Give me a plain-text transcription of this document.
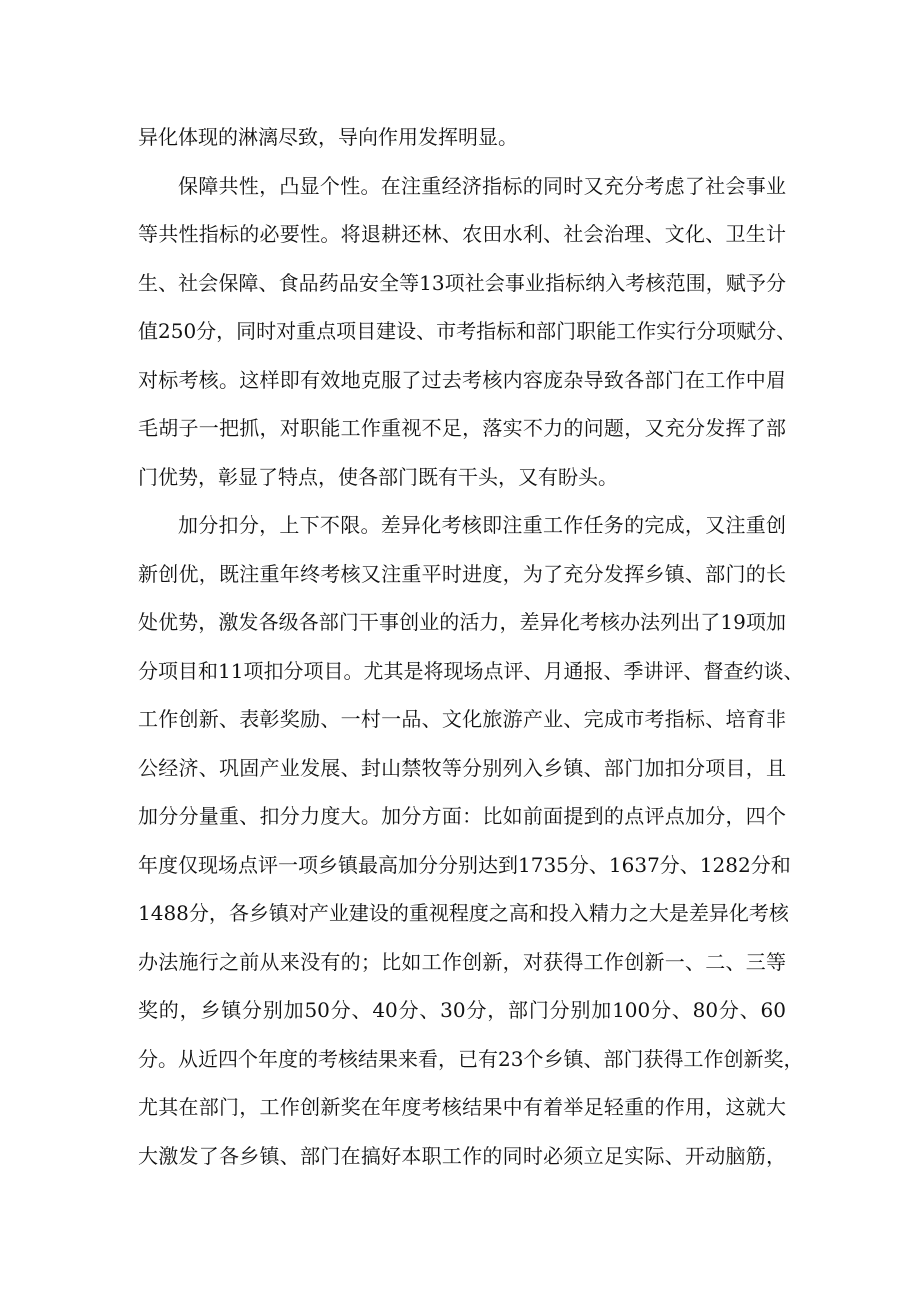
异化体现的淋漓尽致，导向作用发挥明显。
保障共性，凸显个性。在注重经济指标的同时又充分考虑了社会事业
等共性指标的必要性。将退耕还林、农田水利、社会治理、文化、卫生计
生、社会保障、食品药品安全等13项社会事业指标纳入考核范围，赋予分
值250分，同时对重点项目建设、市考指标和部门职能工作实行分项赋分、
对标考核。这样即有效地克服了过去考核内容庞杂导致各部门在工作中眉
毛胡子一把抓，对职能工作重视不足，落实不力的问题，又充分发挥了部
门优势，彰显了特点，使各部门既有干头，又有盼头。
加分扣分，上下不限。差异化考核即注重工作任务的完成，又注重创
新创优，既注重年终考核又注重平时进度，为了充分发挥乡镇、部门的长
处优势，激发各级各部门干事创业的活力，差异化考核办法列出了19项加
分项目和11项扣分项目。尤其是将现场点评、月通报、季讲评、督查约谈、
工作创新、表彰奖励、一村一品、文化旅游产业、完成市考指标、培育非
公经济、巩固产业发展、封山禁牧等分别列入乡镇、部门加扣分项目，且
加分分量重、扣分力度大。加分方面：比如前面提到的点评点加分，四个
年度仅现场点评一项乡镇最高加分分别达到1735分、1637分、1282分和
1488分，各乡镇对产业建设的重视程度之高和投入精力之大是差异化考核
办法施行之前从来没有的；比如工作创新，对获得工作创新一、二、三等
奖的，乡镇分别加50分、40分、30分，部门分别加100分、80分、60
分。从近四个年度的考核结果来看，已有23个乡镇、部门获得工作创新奖，
尤其在部门，工作创新奖在年度考核结果中有着举足轻重的作用，这就大
大激发了各乡镇、部门在搞好本职工作的同时必须立足实际、开动脑筋，
